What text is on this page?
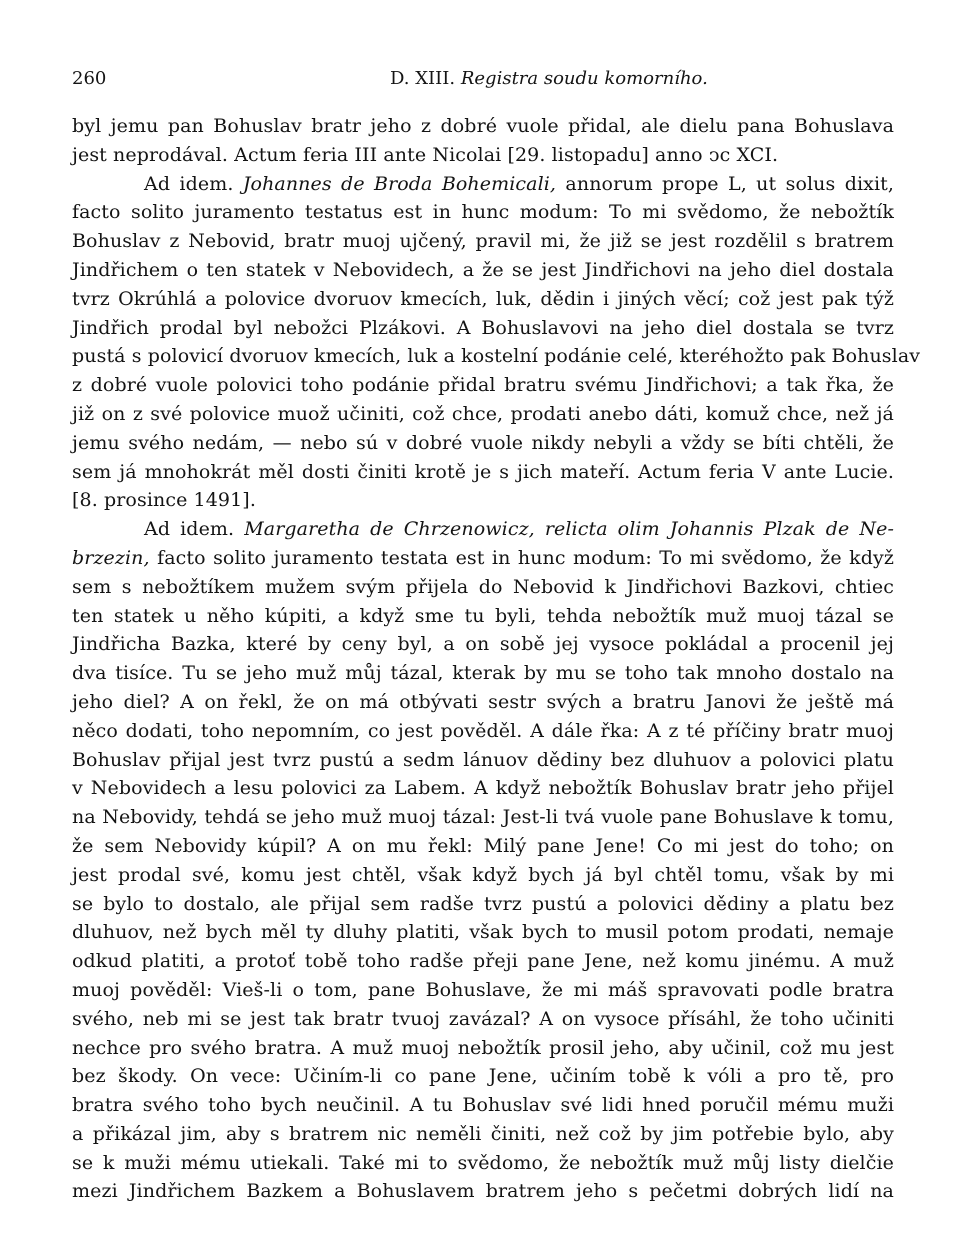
260	D. XIII. Registra soudu komorního.
byl jemu pan Bohuslav bratr jeho z dobré vuole přidal, ale dielu pana Bohuslava
jest neprodával. Actum feria III ante Nicolai [29. listopadu] anno ↄc XCI.
Ad idem. Johannes de Broda Bohemicali, annorum prope L, ut solus dixit,
facto solito juramento testatus est in hunc modum: To mi svědomo, že nebožtík
Bohuslav z Nebovid, bratr muoj ujčený, pravil mi, že již se jest rozdělil s bratrem
Jindřichem o ten statek v Nebovidech, a že se jest Jindřichovi na jeho diel dostala
tvrz Okrúhlá a polovice dvoruov kmecích, luk, dědin i jiných věcí; což jest pak týž
Jindřich prodal byl nebožci Plzákovi. A Bohuslavovi na jeho diel dostala se tvrz
pustá s polovicí dvoruov kmecích, luk a kostelní podánie celé, kteréhožto pak Bohuslav
z dobré vuole polovici toho podánie přidal bratru svému Jindřichovi; a tak řka, že
již on z své polovice muož učiniti, což chce, prodati anebo dáti, komuž chce, než já
jemu svého nedám, — nebo sú v dobré vuole nikdy nebyli a vždy se bíti chtěli, že
sem já mnohokrát měl dosti činiti krotě je s jich mateří. Actum feria V ante Lucie.
[8. prosince 1491].
Ad idem. Margaretha de Chrzenowicz, relicta olim Johannis Plzak de Ne-
brzezin, facto solito juramento testata est in hunc modum: To mi svědomo, že když
sem s nebožtíkem mužem svým přijela do Nebovid k Jindřichovi Bazkovi, chtiec
ten statek u něho kúpiti, a když sme tu byli, tehda nebožtík muž muoj tázal se
Jindřicha Bazka, které by ceny byl, a on sobě jej vysoce pokládal a procenil jej
dva tisíce. Tu se jeho muž můj tázal, kterak by mu se toho tak mnoho dostalo na
jeho diel? A on řekl, že on má otbývati sestr svých a bratru Janovi že ještě má
něco dodati, toho nepomním, co jest pověděl. A dále řka: A z té příčiny bratr muoj
Bohuslav přijal jest tvrz pustú a sedm lánuov dědiny bez dluhuov a polovici platu
v Nebovidech a lesu polovici za Labem. A když nebožtík Bohuslav bratr jeho přijel
na Nebovidy, tehdá se jeho muž muoj tázal: Jest-li tvá vuole pane Bohuslave k tomu,
že sem Nebovidy kúpil? A on mu řekl: Milý pane Jene! Co mi jest do toho; on
jest prodal své, komu jest chtěl, však když bych já byl chtěl tomu, však by mi
se bylo to dostalo, ale přijal sem radše tvrz pustú a polovici dědiny a platu bez
dluhuov, než bych měl ty dluhy platiti, však bych to musil potom prodati, nemaje
odkud platiti, a protoť tobě toho radše přeji pane Jene, než komu jinému. A muž
muoj pověděl: Vieš-li o tom, pane Bohuslave, že mi máš spravovati podle bratra
svého, neb mi se jest tak bratr tvuoj zavázal? A on vysoce přísáhl, že toho učiniti
nechce pro svého bratra. A muž muoj nebožtík prosil jeho, aby učinil, což mu jest
bez škody. On vece: Učiním-li co pane Jene, učiním tobě k vóli a pro tě, pro
bratra svého toho bych neučinil. A tu Bohuslav své lidi hned poručil mému muži
a přikázal jim, aby s bratrem nic neměli činiti, než což by jim potřebie bylo, aby
se k muži mému utiekali. Také mi to svědomo, že nebožtík muž můj listy dielčie
mezi Jindřichem Bazkem a Bohuslavem bratrem jeho s pečetmi dobrých lidí na
